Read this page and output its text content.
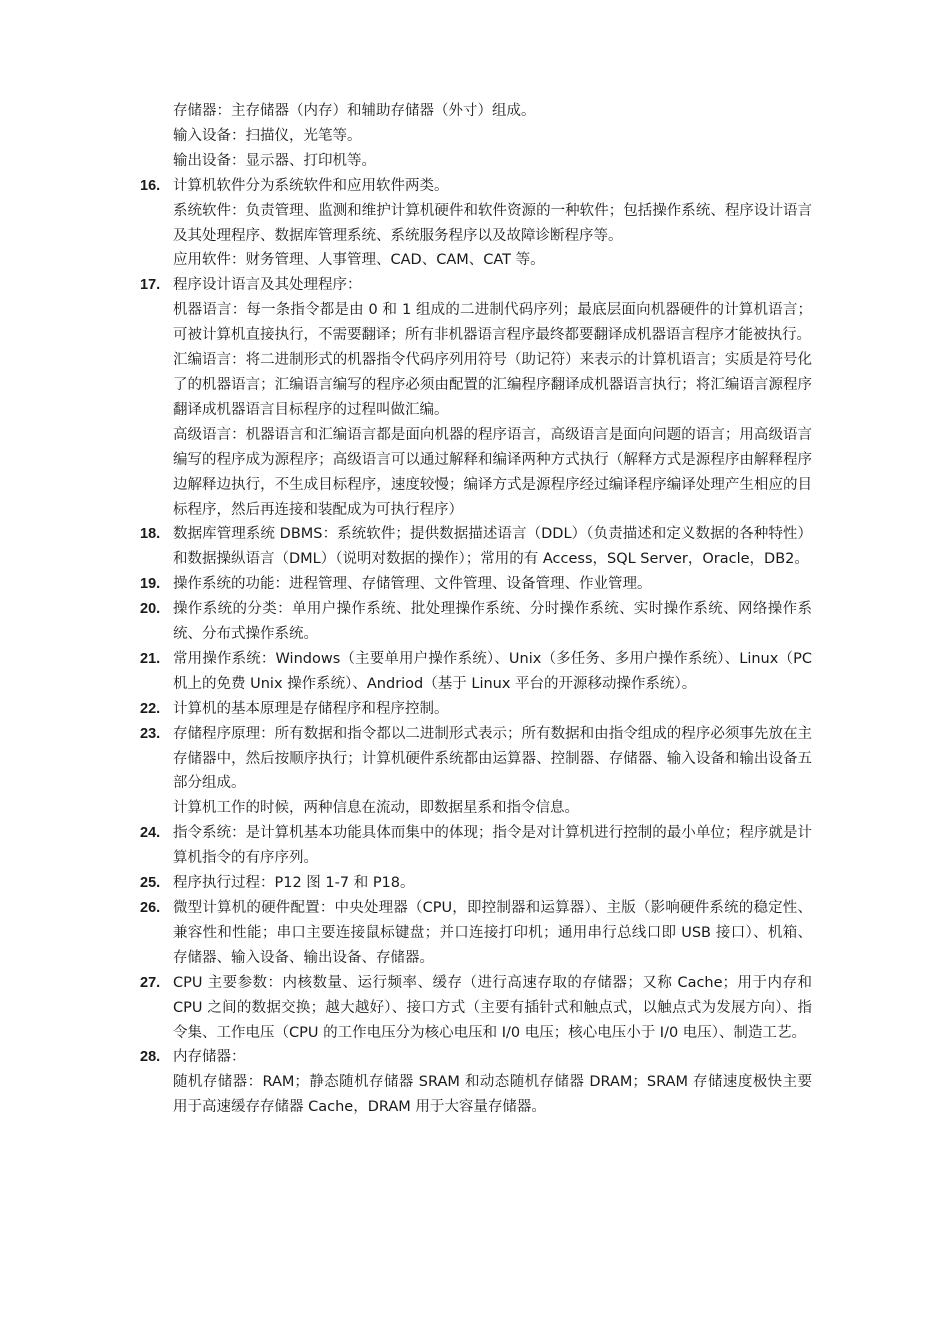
存储器：主存储器（内存）和辅助存储器（外寸）组成。
输入设备：扫描仪，光笔等。
输出设备：显示器、打印机等。
16. 计算机软件分为系统软件和应用软件两类。
系统软件：负责管理、监测和维护计算机硬件和软件资源的一种软件；包括操作系统、程序设计语言及其处理程序、数据库管理系统、系统服务程序以及故障诊断程序等。
应用软件：财务管理、人事管理、CAD、CAM、CAT 等。
17. 程序设计语言及其处理程序：
机器语言：每一条指令都是由 0 和 1 组成的二进制代码序列；最底层面向机器硬件的计算机语言；可被计算机直接执行，不需要翻译；所有非机器语言程序最终都要翻译成机器语言程序才能被执行。
汇编语言：将二进制形式的机器指令代码序列用符号（助记符）来表示的计算机语言；实质是符号化了的机器语言；汇编语言编写的程序必须由配置的汇编程序翻译成机器语言执行；将汇编语言源程序翻译成机器语言目标程序的过程叫做汇编。
高级语言：机器语言和汇编语言都是面向机器的程序语言，高级语言是面向问题的语言；用高级语言编写的程序成为源程序；高级语言可以通过解释和编译两种方式执行（解释方式是源程序由解释程序边解释边执行，不生成目标程序，速度较慢；编译方式是源程序经过编译程序编译处理产生相应的目标程序，然后再连接和装配成为可执行程序）
18. 数据库管理系统 DBMS：系统软件；提供数据描述语言（DDL）（负责描述和定义数据的各种特性）和数据操纵语言（DML）（说明对数据的操作）；常用的有 Access，SQL Server，Oracle，DB2。
19. 操作系统的功能：进程管理、存储管理、文件管理、设备管理、作业管理。
20. 操作系统的分类：单用户操作系统、批处理操作系统、分时操作系统、实时操作系统、网络操作系统、分布式操作系统。
21. 常用操作系统：Windows（主要单用户操作系统）、Unix（多任务、多用户操作系统）、Linux（PC 机上的免费 Unix 操作系统）、Andriod（基于 Linux 平台的开源移动操作系统）。
22. 计算机的基本原理是存储程序和程序控制。
23. 存储程序原理：所有数据和指令都以二进制形式表示；所有数据和由指令组成的程序必须事先放在主存储器中，然后按顺序执行；计算机硬件系统都由运算器、控制器、存储器、输入设备和输出设备五部分组成。
计算机工作的时候，两种信息在流动，即数据星系和指令信息。
24. 指令系统：是计算机基本功能具体而集中的体现；指令是对计算机进行控制的最小单位；程序就是计算机指令的有序序列。
25. 程序执行过程：P12 图 1-7 和 P18。
26. 微型计算机的硬件配置：中央处理器（CPU，即控制器和运算器）、主版（影响硬件系统的稳定性、兼容性和性能；串口主要连接鼠标键盘；并口连接打印机；通用串行总线口即 USB 接口）、机箱、存储器、输入设备、输出设备、存储器。
27. CPU 主要参数：内核数量、运行频率、缓存（进行高速存取的存储器；又称 Cache；用于内存和 CPU 之间的数据交换；越大越好）、接口方式（主要有插针式和触点式，以触点式为发展方向）、指令集、工作电压（CPU 的工作电压分为核心电压和 I/0 电压；核心电压小于 I/0 电压）、制造工艺。
28. 内存储器：
随机存储器：RAM；静态随机存储器 SRAM 和动态随机存储器 DRAM；SRAM 存储速度极快主要用于高速缓存存储器 Cache，DRAM 用于大容量存储器。
